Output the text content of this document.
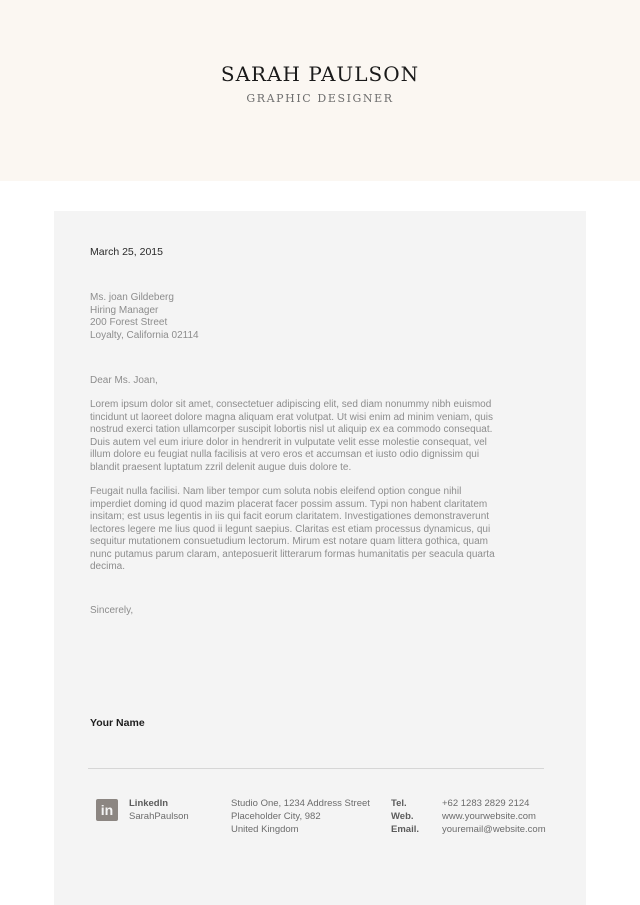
SARAH PAULSON
GRAPHIC DESIGNER
March 25, 2015
Ms. joan Gildeberg
Hiring Manager
200 Forest Street
Loyalty, California 02114
Dear Ms. Joan,
Lorem ipsum dolor sit amet, consectetuer adipiscing elit, sed diam nonummy nibh euismod
tincidunt ut laoreet dolore magna aliquam erat volutpat. Ut wisi enim ad minim veniam, quis
nostrud exerci tation ullamcorper suscipit lobortis nisl ut aliquip ex ea commodo consequat.
Duis autem vel eum iriure dolor in hendrerit in vulputate velit esse molestie consequat, vel
illum dolore eu feugiat nulla facilisis at vero eros et accumsan et iusto odio dignissim qui
blandit praesent luptatum zzril delenit augue duis dolore te.
Feugait nulla facilisi. Nam liber tempor cum soluta nobis eleifend option congue nihil
imperdiet doming id quod mazim placerat facer possim assum. Typi non habent claritatem
insitam; est usus legentis in iis qui facit eorum claritatem. Investigationes demonstraverunt
lectores legere me lius quod ii legunt saepius. Claritas est etiam processus dynamicus, qui
sequitur mutationem consuetudium lectorum. Mirum est notare quam littera gothica, quam
nunc putamus parum claram, anteposuerit litterarum formas humanitatis per seacula quarta
decima.
Sincerely,
Your Name
in	LinkedIn
SarahPaulson
Studio One, 1234 Address Street
Placeholder City, 982
United Kingdom
Tel.
Web.
Email.
+62 1283 2829 2124
www.yourwebsite.com
youremail@website.com
